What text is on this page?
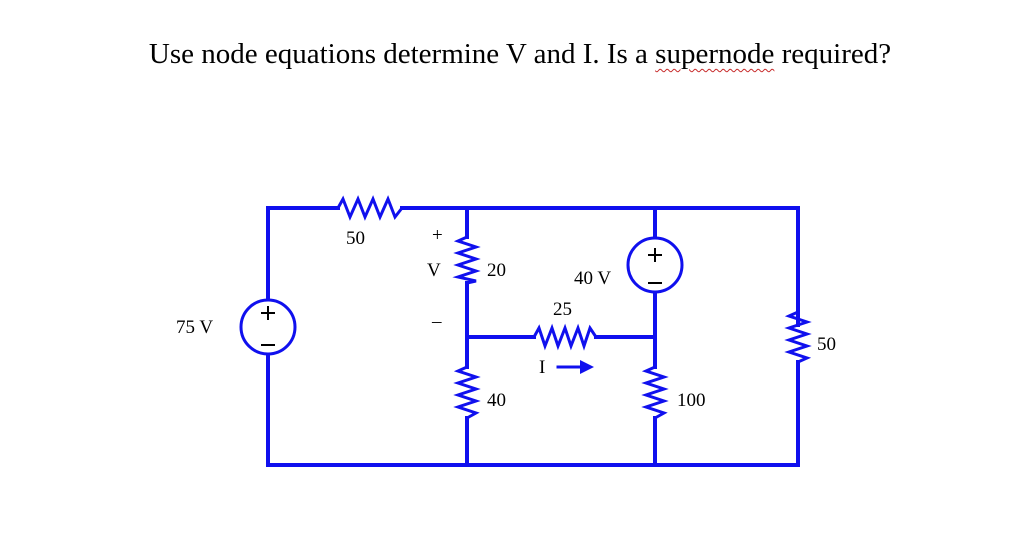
Use node equations determine V and I. Is a supernode required?
50
75 V
+
V
–
20	40 V
25
I
40	100
50
